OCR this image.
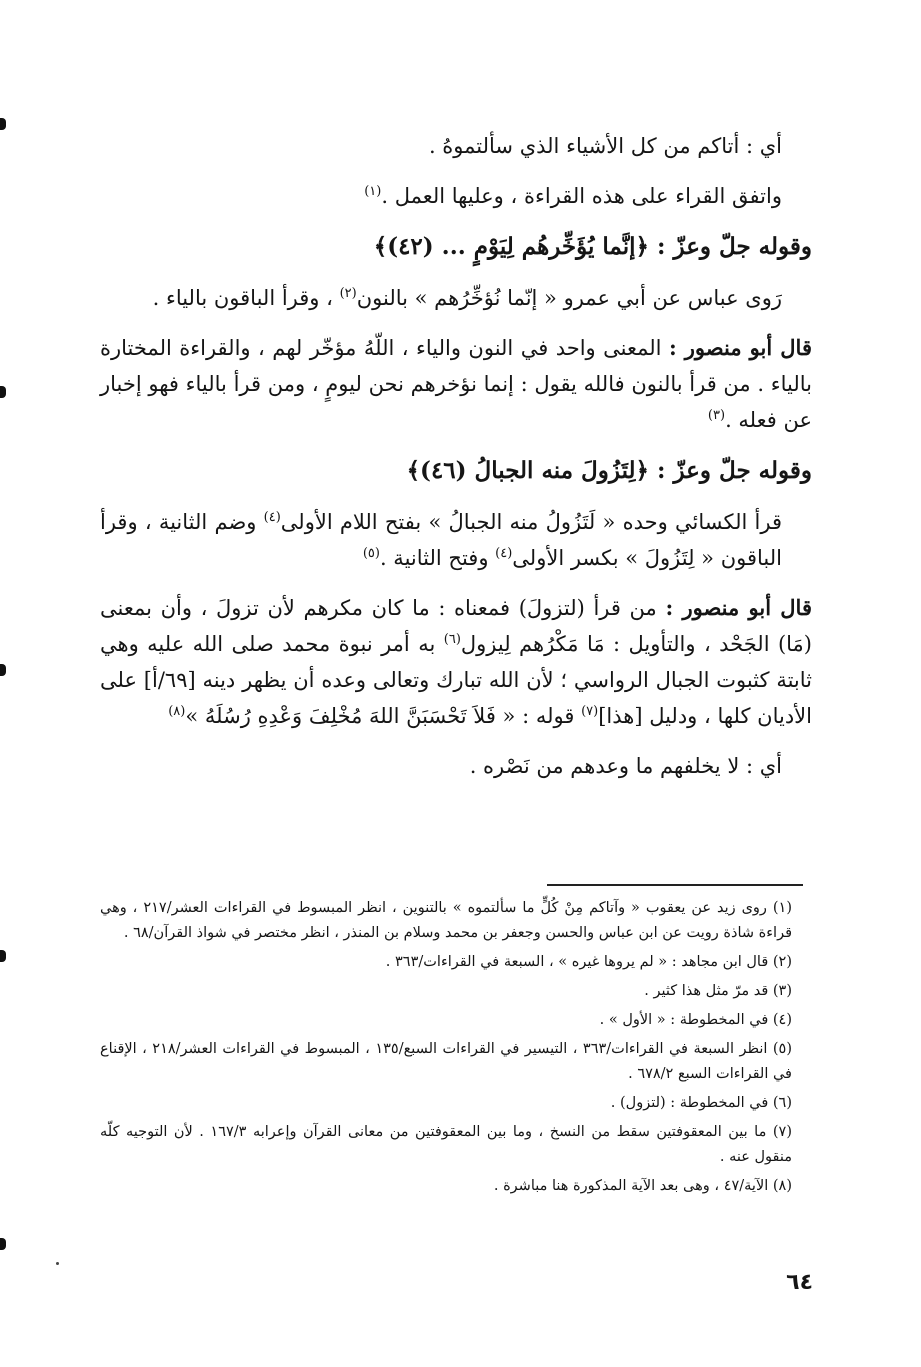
أي : أتاكم من كل الأشياء الذي سألتموهُ .

واتفق القراء على هذه القراءة ، وعليها العمل .$^{(١)}$

وقوله جلّ وعزّ : ﴿إنَّما يُؤَخِّرهُم لِيَوْمٍ ... (٤٢)﴾

رَوى عباس عن أبي عمرو « إنّما نُؤخِّرُهم » بالنون$^{(٢)}$ ، وقرأ الباقون بالياء .

قال أبو منصور : المعنى واحد في النون والياء ، اللّهُ مؤخّر لهم ، والقراءة المختارة بالياء . من قرأ بالنون فالله يقول : إنما نؤخرهم نحن ليومٍ ، ومن قرأ بالياء فهو إخبار عن فعله .$^{(٣)}$

وقوله جلّ وعزّ : ﴿لِتَزُولَ منه الجبالُ (٤٦)﴾

قرأ الكسائي وحده « لَتَزُولُ منه الجبالُ » بفتح اللام الأولى$^{(٤)}$ وضم الثانية ، وقرأ الباقون « لِتَزُولَ » بكسر الأولى$^{(٤)}$ وفتح الثانية .$^{(٥)}$

قال أبو منصور : من قرأ (لتزولَ) فمعناه : ما كان مكرهم لأن تزولَ ، وأن بمعنى (مَا) الجَحْد ، والتأويل : مَا مَكْرُهم لِيزول$^{(٦)}$ به أمر نبوة محمد صلى الله عليه وهي ثابتة كثبوت الجبال الرواسي ؛ لأن الله تبارك وتعالى وعده أن يظهر دينه [٦٩/أ] على الأديان كلها ، ودليل [هذا]$^{(٧)}$ قوله : « فَلاَ تَحْسَبَنَّ اللهَ مُخْلِفَ وَعْدِهِ رُسُلَهُ »$^{(٨)}$

أي : لا يخلفهم ما وعدهم من نَصْره .

(١) روى زيد عن يعقوب « وآتاكم مِنْ كُلٍّ ما سألتموه » بالتنوين ، انظر المبسوط في القراءات العشر/٢١٧ ، وهي قراءة شاذة رويت عن ابن عباس والحسن وجعفر بن محمد وسلام بن المنذر ، انظر مختصر في شواذ القرآن/٦٨ .

(٢) قال ابن مجاهد : « لم يروها غيره » ، السبعة في القراءات/٣٦٣ .

(٣) قد مرّ مثل هذا كثير .

(٤) في المخطوطة : « الأول » .

(٥) انظر السبعة في القراءات/٣٦٣ ، التيسير في القراءات السبع/١٣٥ ، المبسوط في القراءات العشر/٢١٨ ، الإقناع في القراءات السبع ٦٧٨/٢ .

(٦) في المخطوطة : (لتزول) .

(٧) ما بين المعقوفتين سقط من النسخ ، وما بين المعقوفتين من معانى القرآن وإعرابه ١٦٧/٣ . لأن التوجيه كلّه منقول عنه .

(٨) الآية/٤٧ ، وهى بعد الآية المذكورة هنا مباشرة .

٦٤
